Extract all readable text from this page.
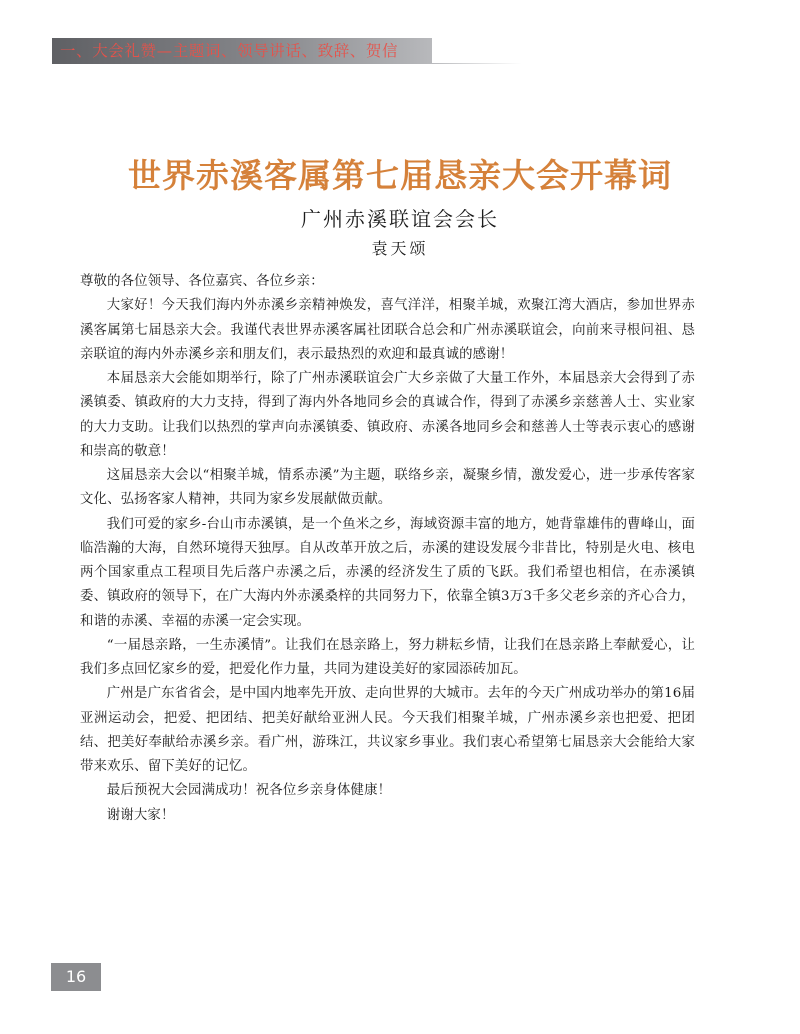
一、大会礼赞—主题词、领导讲话、致辞、贺信
世界赤溪客属第七届恳亲大会开幕词
广州赤溪联谊会会长
袁天颂

尊敬的各位领导、各位嘉宾、各位乡亲：

大家好！今天我们海内外赤溪乡亲精神焕发，喜气洋洋，相聚羊城，欢聚江湾大酒店，参加世界赤溪客属第七届恳亲大会。我谨代表世界赤溪客属社团联合总会和广州赤溪联谊会，向前来寻根问祖、恳亲联谊的海内外赤溪乡亲和朋友们，表示最热烈的欢迎和最真诚的感谢！

本届恳亲大会能如期举行，除了广州赤溪联谊会广大乡亲做了大量工作外，本届恳亲大会得到了赤溪镇委、镇政府的大力支持，得到了海内外各地同乡会的真诚合作，得到了赤溪乡亲慈善人士、实业家的大力支助。让我们以热烈的掌声向赤溪镇委、镇政府、赤溪各地同乡会和慈善人士等表示衷心的感谢和崇高的敬意！

这届恳亲大会以“相聚羊城，情系赤溪”为主题，联络乡亲，凝聚乡情，激发爱心，进一步承传客家文化、弘扬客家人精神，共同为家乡发展献做贡献。

我们可爱的家乡-台山市赤溪镇，是一个鱼米之乡，海域资源丰富的地方，她背靠雄伟的曹峰山，面临浩瀚的大海，自然环境得天独厚。自从改革开放之后，赤溪的建设发展今非昔比，特别是火电、核电两个国家重点工程项目先后落户赤溪之后，赤溪的经济发生了质的飞跃。我们希望也相信，在赤溪镇委、镇政府的领导下，在广大海内外赤溪桑梓的共同努力下，依靠全镇3万3千多父老乡亲的齐心合力，和谐的赤溪、幸福的赤溪一定会实现。

“一届恳亲路，一生赤溪情”。让我们在恳亲路上，努力耕耘乡情，让我们在恳亲路上奉献爱心，让我们多点回忆家乡的爱，把爱化作力量，共同为建设美好的家园添砖加瓦。

广州是广东省省会，是中国内地率先开放、走向世界的大城市。去年的今天广州成功举办的第16届亚洲运动会，把爱、把团结、把美好献给亚洲人民。今天我们相聚羊城，广州赤溪乡亲也把爱、把团结、把美好奉献给赤溪乡亲。看广州，游珠江，共议家乡事业。我们衷心希望第七届恳亲大会能给大家带来欢乐、留下美好的记忆。

最后预祝大会园满成功！祝各位乡亲身体健康！

谢谢大家！

16
